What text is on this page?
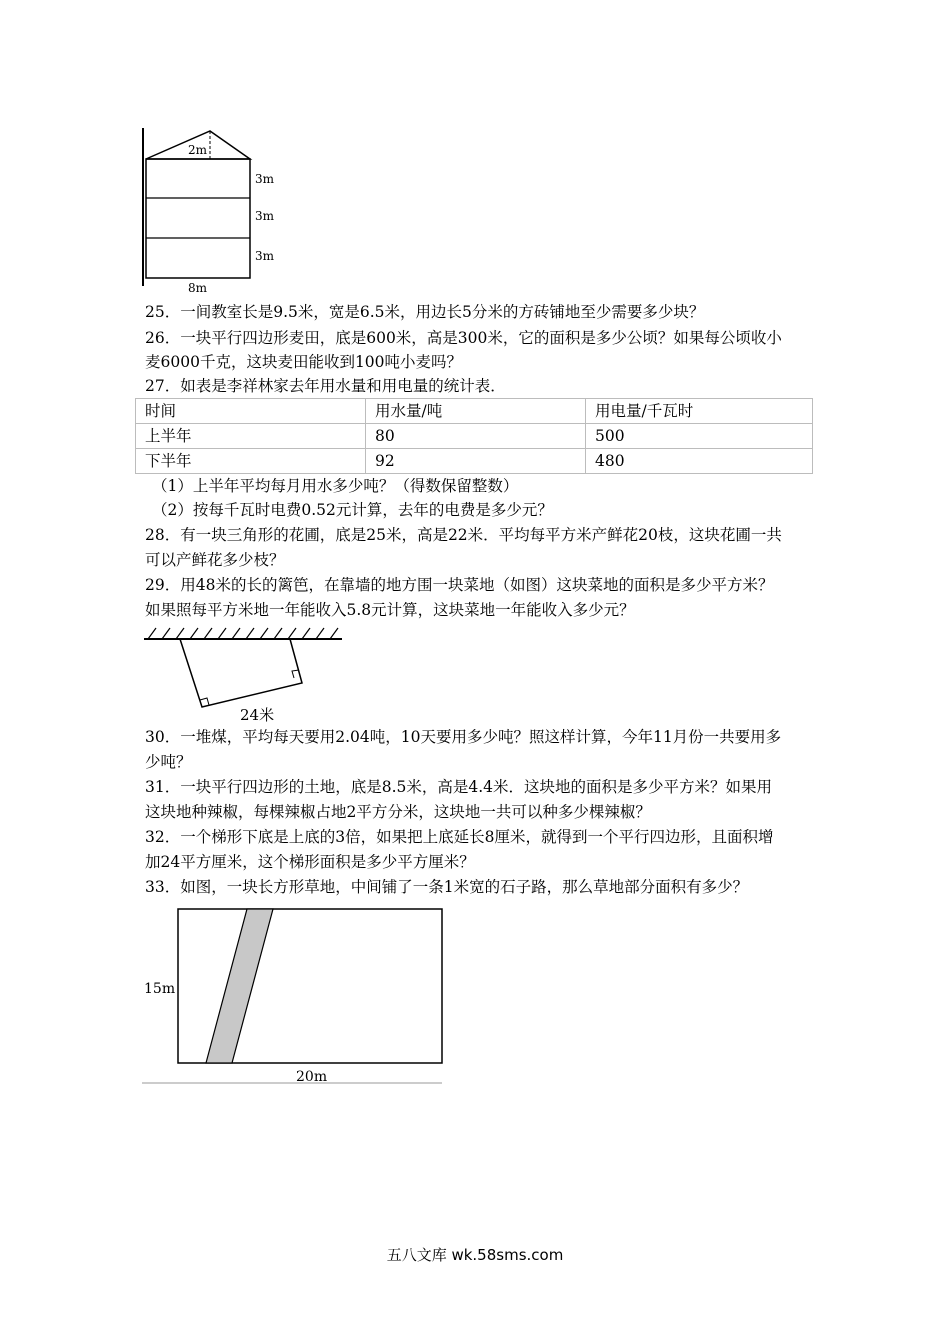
2m
3m
3m
3m
8m

25．一间教室长是9.5米，宽是6.5米，用边长5分米的方砖铺地至少需要多少块？

26．一块平行四边形麦田，底是600米，高是300米，它的面积是多少公顷？如果每公顷收小

麦6000千克，这块麦田能收到100吨小麦吗？

27．如表是李祥林家去年用水量和用电量的统计表．

时间	用水量/吨	用电量/千瓦时
上半年	80	500
下半年	92	480
（1）上半年平均每月用水多少吨？（得数保留整数）
（2）按每千瓦时电费0.52元计算，去年的电费是多少元？

28．有一块三角形的花圃，底是25米，高是22米．平均每平方米产鲜花20枝，这块花圃一共

可以产鲜花多少枝？

29．用48米的长的篱笆，在靠墙的地方围一块菜地（如图）这块菜地的面积是多少平方米？

如果照每平方米地一年能收入5.8元计算，这块菜地一年能收入多少元？

24米

30．一堆煤，平均每天要用2.04吨，10天要用多少吨？照这样计算，今年11月份一共要用多

少吨？

31．一块平行四边形的土地，底是8.5米，高是4.4米．这块地的面积是多少平方米？如果用

这块地种辣椒，每棵辣椒占地2平方分米，这块地一共可以种多少棵辣椒？

32．一个梯形下底是上底的3倍，如果把上底延长8厘米，就得到一个平行四边形，且面积增

加24平方厘米，这个梯形面积是多少平方厘米？

33．如图，一块长方形草地，中间铺了一条1米宽的石子路，那么草地部分面积有多少？

15m
20m
五八文库 wk.58sms.com
